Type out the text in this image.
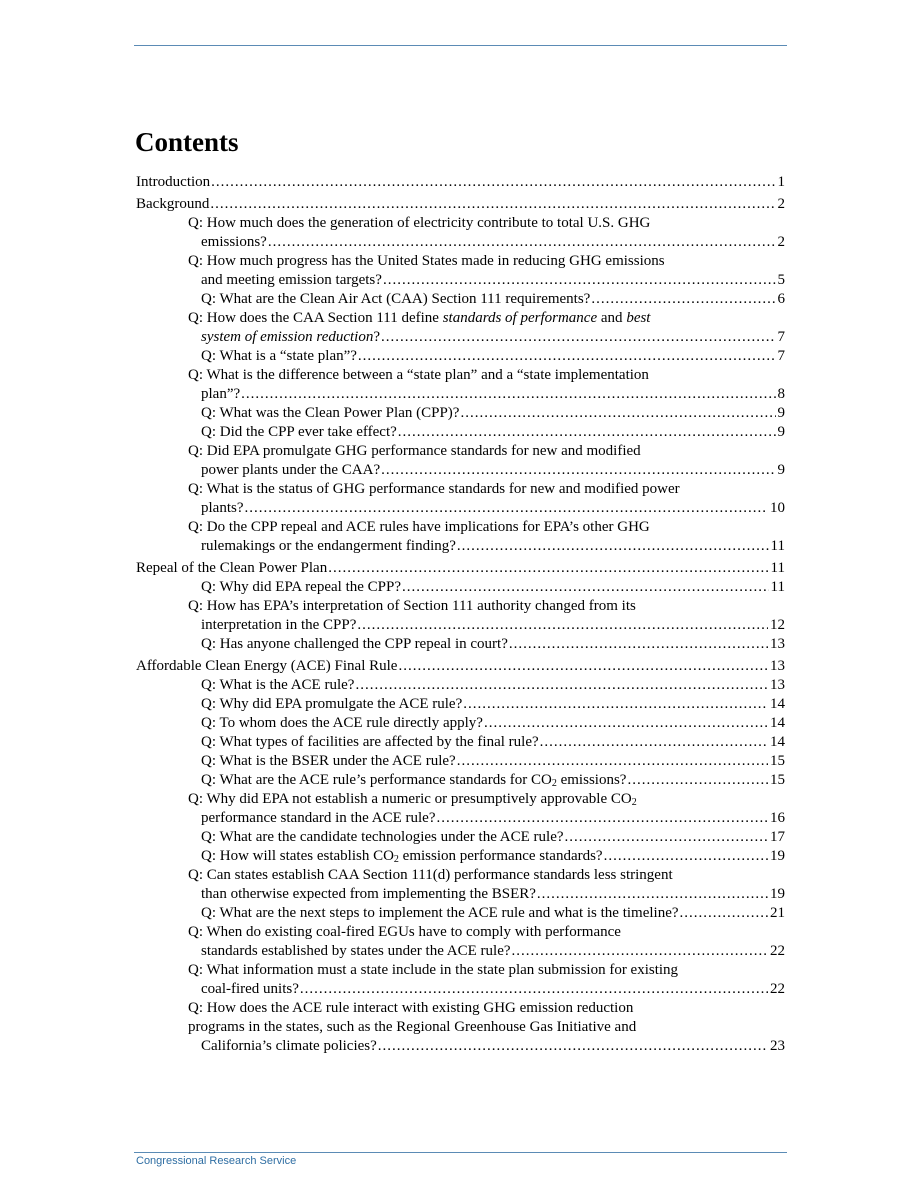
Contents
Introduction .....	1
Background .....	2
Q: How much does the generation of electricity contribute to total U.S. GHG
emissions? .....	2
Q: How much progress has the United States made in reducing GHG emissions
and meeting emission targets? .....	5
Q: What are the Clean Air Act (CAA) Section 111 requirements? .....	6
Q: How does the CAA Section 111 define standards of performance and best
system of emission reduction? .....	7
Q: What is a “state plan”? .....	7
Q: What is the difference between a “state plan” and a “state implementation
plan”? .....	8
Q: What was the Clean Power Plan (CPP)? .....	9
Q: Did the CPP ever take effect? .....	9
Q: Did EPA promulgate GHG performance standards for new and modified
power plants under the CAA? .....	9
Q: What is the status of GHG performance standards for new and modified power
plants? .....	10
Q: Do the CPP repeal and ACE rules have implications for EPA’s other GHG
rulemakings or the endangerment finding? .....	11
Repeal of the Clean Power Plan .....	11
Q: Why did EPA repeal the CPP? .....	11
Q: How has EPA’s interpretation of Section 111 authority changed from its
interpretation in the CPP? .....	12
Q: Has anyone challenged the CPP repeal in court? .....	13
Affordable Clean Energy (ACE) Final Rule .....	13
Q: What is the ACE rule? .....	13
Q: Why did EPA promulgate the ACE rule? .....	14
Q: To whom does the ACE rule directly apply? .....	14
Q: What types of facilities are affected by the final rule? .....	14
Q: What is the BSER under the ACE rule? .....	15
Q: What are the ACE rule’s performance standards for $CO_2$ emissions? .....	15
Q: Why did EPA not establish a numeric or presumptively approvable $CO_2$
performance standard in the ACE rule? .....	16
Q: What are the candidate technologies under the ACE rule? .....	17
Q: How will states establish $CO_2$ emission performance standards? .....	19
Q: Can states establish CAA Section 111(d) performance standards less stringent
than otherwise expected from implementing the BSER? .....	19
Q: What are the next steps to implement the ACE rule and what is the timeline? .....	21
Q: When do existing coal-fired EGUs have to comply with performance
standards established by states under the ACE rule? .....	22
Q: What information must a state include in the state plan submission for existing
coal-fired units? .....	22
Q: How does the ACE rule interact with existing GHG emission reduction
programs in the states, such as the Regional Greenhouse Gas Initiative and
California’s climate policies? .....	23
Congressional Research Service
